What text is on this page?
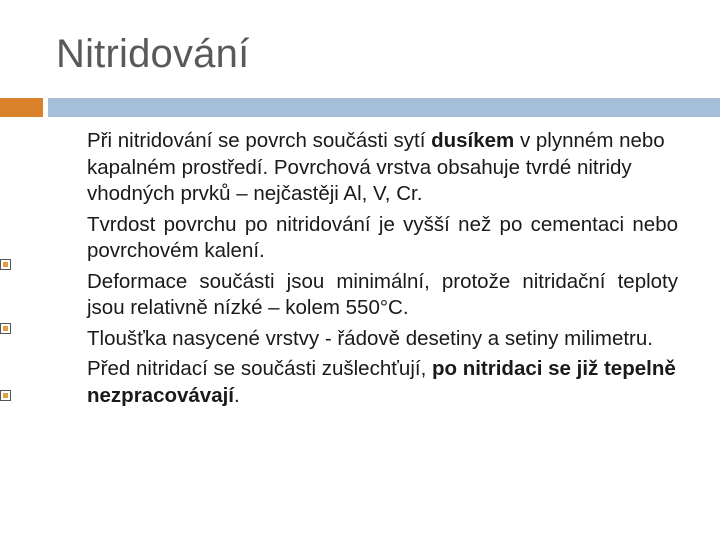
Nitridování
Při nitridování se povrch součásti sytí dusíkem v plynném nebo kapalném prostředí. Povrchová vrstva obsahuje tvrdé nitridy vhodných prvků – nejčastěji Al, V, Cr.
Tvrdost povrchu po nitridování je vyšší než po cementaci nebo povrchovém kalení.
Deformace součásti jsou minimální, protože nitridační teploty jsou relativně nízké – kolem 550°C.
Tloušťka nasycené vrstvy - řádově desetiny a setiny milimetru.
Před nitridací se součásti zušlechťují, po nitridaci se již tepelně nezpracovávají.
